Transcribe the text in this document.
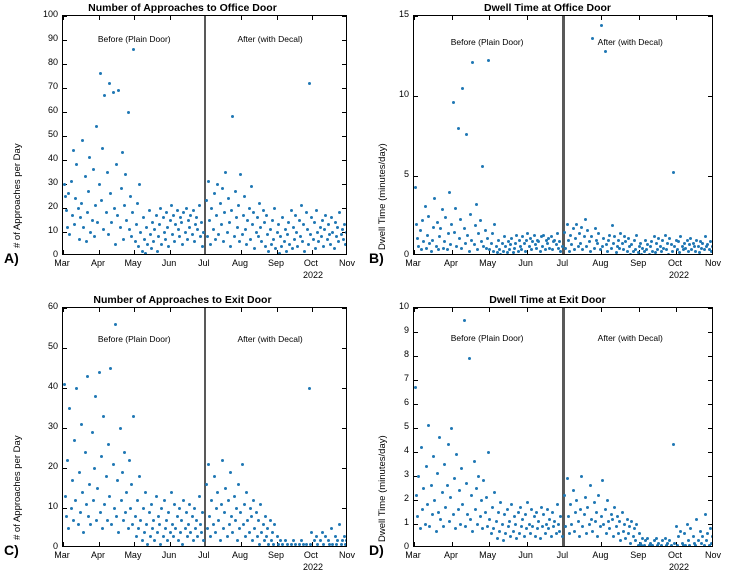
A)
Number of Approaches to Office Door
# of Approaches per Day
Before (Plain Door)	After (with Decal)
0
10
20
30
40
50
60
70
80
90
100
Mar	Apr	May	Jun	Jul	Aug	Sep	Oct	Nov
2022
B)
Dwell Time at Office Door
Dwell Time (minutes/day)
Before (Plain Door)	After (with Decal)
0
5
10
15
Mar	Apr	May	Jun	Jul	Aug	Sep	Oct	Nov
2022
C)
Number of Approaches to Exit Door
# of Approaches per Day
Before (Plain Door)	After (with Decal)
0
10
20
30
40
50
60
Mar	Apr	May	Jun	Jul	Aug	Sep	Oct	Nov
2022
D)
Dwell Time at Exit Door
Dwell Time (minutes/day)
Before (Plain Door)	After (with Decal)
0
1
2
3
4
5
6
7
8
9
10
Mar	Apr	May	Jun	Jul	Aug	Sep	Oct	Nov
2022
